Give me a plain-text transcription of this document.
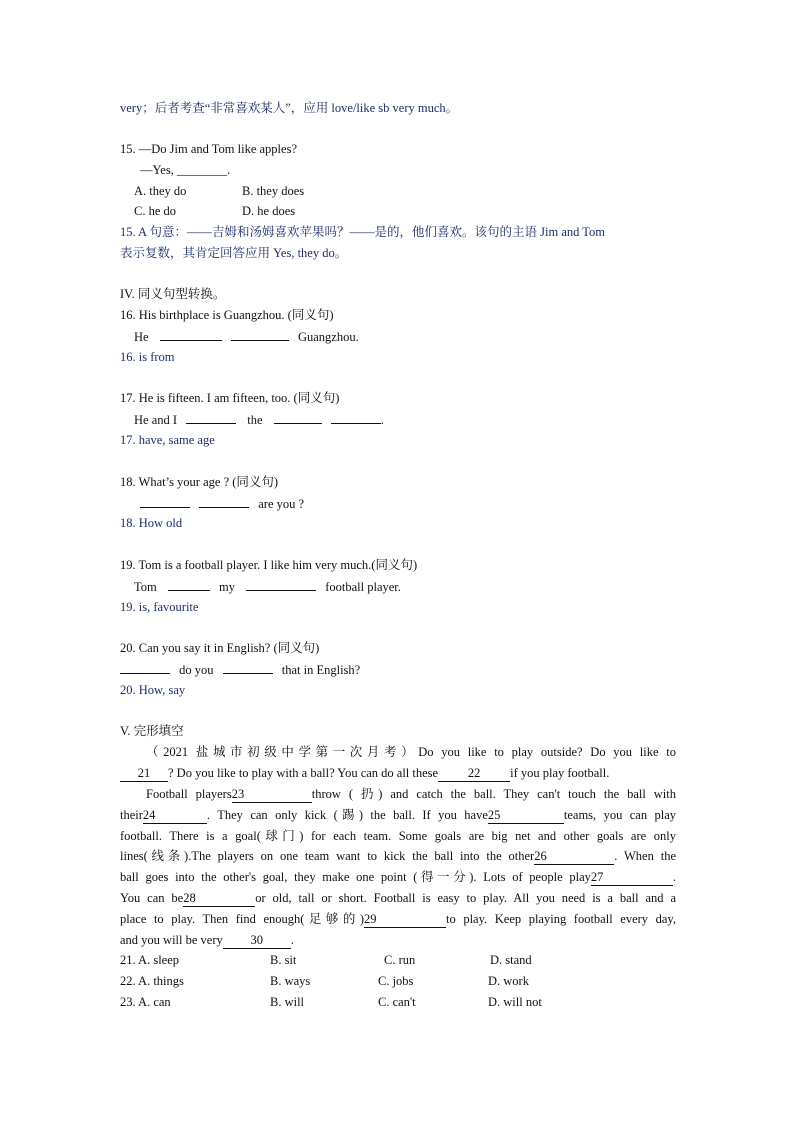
very；后者考查“非常喜欢某人”，应用 love/like sb very much。
15. —Do Jim and Tom like apples?
—Yes, ________.
A. they do	B. they does
C. he do	D. he does
15. A 句意：——吉姆和汤姆喜欢苹果吗？——是的，他们喜欢。该句的主语 Jim and Tom
表示复数，其肯定回答应用 Yes, they do。
IV. 同义句型转换。
16. His birthplace is Guangzhou. (同义句)
He	Guangzhou.
16. is from
17. He is fifteen. I am fifteen, too. (同义句)
He and I	the	.
17. have, same age
18. What’s your age ? (同义句)
are you ?
18. How old
19. Tom is a football player. I like him very much.(同义句)
Tom	my	football player.
19. is, favourite
20. Can you say it in English? (同义句)
do you	that in English?
20. How, say
V. 完形填空
（2021 盐城市初级中学第一次月考）Do you like to play outside? Do you like to
21 ? Do you like to play with a ball? You can do all these 22 if you play football.
Football players23	throw ( 扔) and catch the ball. They can't touch the ball with
their24	. They can only kick (踢) the ball. If you have25	teams, you can play
football. There is a goal(球门) for each team. Some goals are big net and other goals are only
lines(线条).The players on one team want to kick the ball into the other26	. When the
ball goes into the other's goal, they make one point (得一分). Lots of people play27	.
You can be28	or old, tall or short. Football is easy to play. All you need is a ball and a
place to play. Then find enough(足够的)29	to play. Keep playing football every day,
and you will be very 30 .
21. A. sleep	B. sit	C. run	D. stand
22. A. things	B. ways	C. jobs	D. work
23. A. can	B. will	C. can't	D. will not
